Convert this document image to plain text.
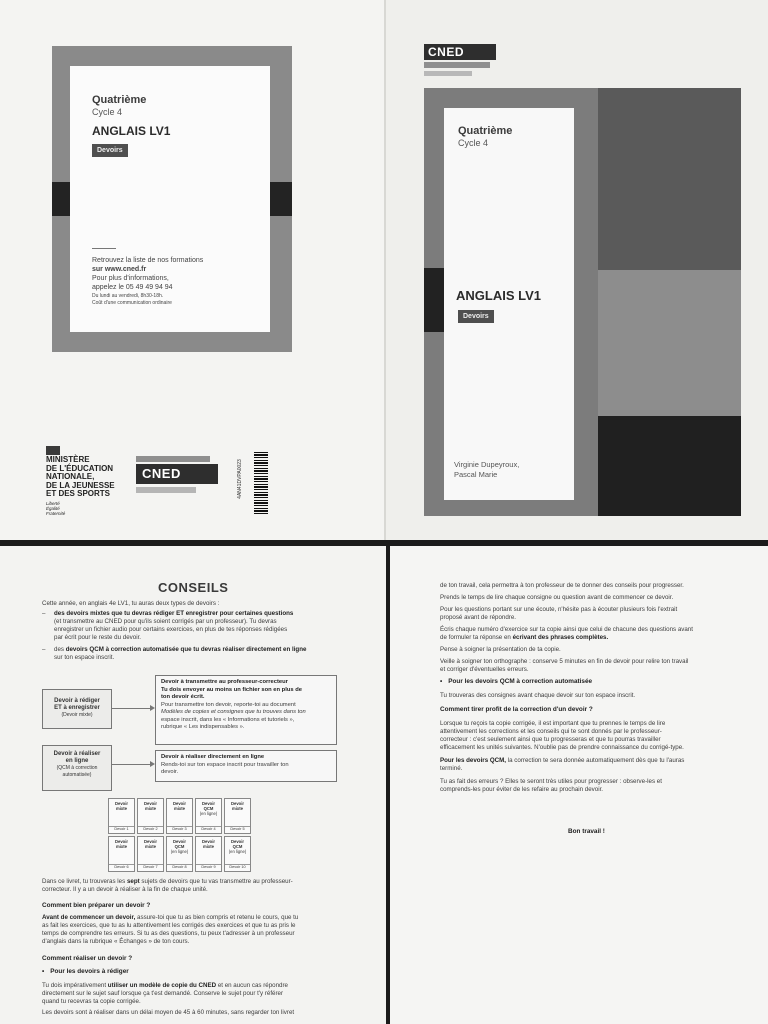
Quatrième
Cycle 4
ANGLAIS LV1
Devoirs
Retrouvez la liste de nos formations
sur www.cned.fr
Pour plus d'informations,
appelez le 05 49 49 94 94
Du lundi au vendredi, 8h30-18h.
Coût d'une communication ordinaire
MINISTÈRE
DE L'ÉDUCATION
NATIONALE,
DE LA JEUNESSE
ET DES SPORTS
Liberté
Égalité
Fraternité
CNED	4AN41DVPA0023
CNED
Quatrième
Cycle 4
ANGLAIS LV1
Devoirs
Virginie Dupeyroux,
Pascal Marie
CONSEILS
Cette année, en anglais 4e LV1, tu auras deux types de devoirs :
– des devoirs mixtes que tu devras rédiger ET enregistrer pour certaines questions
(et transmettre au CNED pour qu'ils soient corrigés par un professeur). Tu devras
enregistrer un fichier audio pour certains exercices, en plus de tes réponses rédigées
par écrit pour le reste du devoir.
– des devoirs QCM à correction automatisée que tu devras réaliser directement en ligne
sur ton espace inscrit.
Devoir à rédiger
ET à enregistrer
(Devoir mixte)
Devoir à transmettre au professeur-correcteur
Tu dois envoyer au moins un fichier son en plus de
ton devoir écrit.
Pour transmettre ton devoir, reporte-toi au document
Modèles de copies et consignes que tu trouves dans ton
espace inscrit, dans les « Informations et tutoriels »,
rubrique « Les indispensables ».
Devoir à réaliser
en ligne
(QCM à correction
automatisée)
Devoir à réaliser directement en ligne
Rends-toi sur ton espace inscrit pour travailler ton
devoir.
Devoir
mixte
Devoir 1
Devoir
mixte
Devoir 2
Devoir
mixte
Devoir 3
Devoir
QCM
(en ligne)
Devoir 4
Devoir
mixte
Devoir 5
Devoir
mixte
Devoir 6
Devoir
mixte
Devoir 7
Devoir
QCM
(en ligne)
Devoir 8
Devoir
mixte
Devoir 9
Devoir
QCM
(en ligne)
Devoir 10
Dans ce livret, tu trouveras les sept sujets de devoirs que tu vas transmettre au professeur-
correcteur. Il y a un devoir à réaliser à la fin de chaque unité.
Comment bien préparer un devoir ?
Avant de commencer un devoir, assure-toi que tu as bien compris et retenu le cours, que tu
as fait les exercices, que tu as lu attentivement les corrigés des exercices et que tu as pris le
temps de comprendre tes erreurs. Si tu as des questions, tu peux t'adresser à un professeur
d'anglais dans la rubrique « Échanges » de ton cours.
Comment réaliser un devoir ?
• Pour les devoirs à rédiger
Tu dois impérativement utiliser un modèle de copie du CNED et en aucun cas répondre
directement sur le sujet sauf lorsque ça t'est demandé. Conserve le sujet pour t'y référer
quand tu recevras ta copie corrigée.
Les devoirs sont à réaliser dans un délai moyen de 45 à 60 minutes, sans regarder ton livret
de ton travail, cela permettra à ton professeur de te donner des conseils pour progresser.
Prends le temps de lire chaque consigne ou question avant de commencer ce devoir.
Pour les questions portant sur une écoute, n'hésite pas à écouter plusieurs fois l'extrait
proposé avant de répondre.
Écris chaque numéro d'exercice sur ta copie ainsi que celui de chacune des questions avant
de formuler ta réponse en écrivant des phrases complètes.
Pense à soigner la présentation de ta copie.
Veille à soigner ton orthographe : conserve 5 minutes en fin de devoir pour relire ton travail
et corriger d'éventuelles erreurs.
• Pour les devoirs QCM à correction automatisée
Tu trouveras des consignes avant chaque devoir sur ton espace inscrit.
Comment tirer profit de la correction d'un devoir ?
Lorsque tu reçois ta copie corrigée, il est important que tu prennes le temps de lire
attentivement les corrections et les conseils qui te sont donnés par le professeur-
correcteur : c'est seulement ainsi que tu progresseras et que tu pourras travailler
efficacement les unités suivantes. N'oublie pas de prendre connaissance du corrigé-type.
Pour les devoirs QCM, la correction te sera donnée automatiquement dès que tu l'auras
terminé.
Tu as fait des erreurs ? Elles te seront très utiles pour progresser : observe-les et
comprends-les pour éviter de les refaire au prochain devoir.
Bon travail !
